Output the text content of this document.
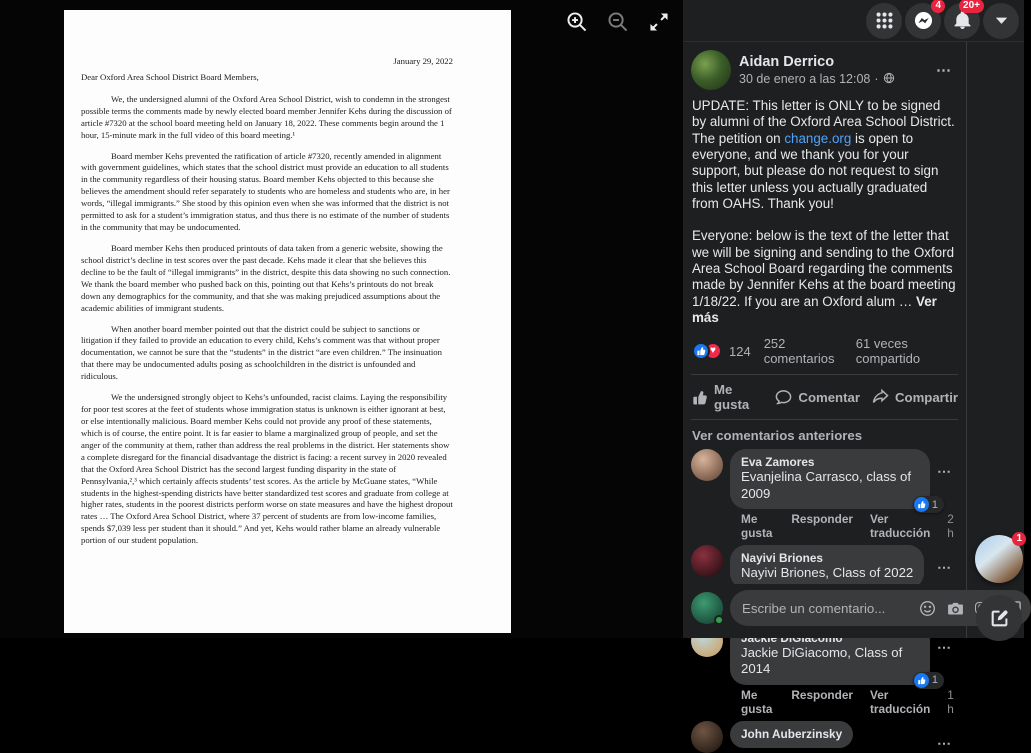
January 29, 2022
Dear Oxford Area School District Board Members,

We, the undersigned alumni of the Oxford Area School District, wish to condemn in the strongest possible terms the comments made by newly elected board member Jennifer Kehs during the discussion of article #7320 at the school board meeting held on January 18, 2022. These comments begin around the 1 hour, 15-minute mark in the full video of this board meeting.¹

Board member Kehs prevented the ratification of article #7320, recently amended in alignment with government guidelines, which states that the school district must provide an education to all students in the community regardless of their housing status. Board member Kehs objected to this because she believes the amendment should refer separately to students who are homeless and students who are, in her words, “illegal immigrants.” She stood by this opinion even when she was informed that the district is not permitted to ask for a student’s immigration status, and thus there is no estimate of the number of students in the community that may be undocumented.

Board member Kehs then produced printouts of data taken from a generic website, showing the school district’s decline in test scores over the past decade. Kehs made it clear that she believes this decline to be the fault of “illegal immigrants” in the district, despite this data showing no such connection. We thank the board member who pushed back on this, pointing out that Kehs’s printouts do not break down any demographics for the community, and that she was making prejudiced assumptions about the academic abilities of immigrant students.

When another board member pointed out that the district could be subject to sanctions or litigation if they failed to provide an education to every child, Kehs’s comment was that without proper documentation, we cannot be sure that the “students” in the district “are even children.” The insinuation that there may be undocumented adults posing as schoolchildren in the district is unfounded and ridiculous.

We the undersigned strongly object to Kehs’s unfounded, racist claims. Laying the responsibility for poor test scores at the feet of students whose immigration status is unknown is either ignorant at best, or else intentionally malicious. Board member Kehs could not provide any proof of these statements, which is of course, the entire point. It is far easier to blame a marginalized group of people, and set the anger of the community at them, rather than address the real problems in the district. Her statements show a complete disregard for the financial disadvantage the district is facing: a recent survey in 2020 revealed that the Oxford Area School District has the second largest funding disparity in the state of Pennsylvania,²,³ which certainly affects students’ test scores. As the article by McGuane states, “While students in the highest-spending districts have better standardized test scores and graduate from college at higher rates, students in the poorest districts perform worse on state measures and have the highest dropout rates … The Oxford Area School District, where 37 percent of students are from low-income families, spends $7,039 less per student than it should.” And yet, Kehs would rather blame an already vulnerable portion of our student population.

4	20+
Aidan Derrico
30 de enero a las 12:08 ·	⋯

UPDATE: This letter is ONLY to be signed by alumni of the Oxford Area School District. The petition on change.org is open to everyone, and we thank you for your support, but please do not request to sign this letter unless you actually graduated from OAHS. Thank you!

Everyone: below is the text of the letter that we will be signing and sending to the Oxford Area School Board regarding the comments made by Jennifer Kehs at the board meeting 1/18/22. If you are an Oxford alum … Ver más

♥	124 252 comentarios
61 veces compartido
Me gusta	Comentar	Compartir
Ver comentarios anteriores
Eva Zamores
Evanjelina Carrasco, class of 2009
1
Me gusta
Responder Ver traducción
2 h
⋯
Nayivi Briones
Nayivi Briones, Class of 2022 ⋯
Jackie DiGiacomo, Class of 2014
1
Me gusta
Responder Ver traducción
1 h
⋯
John Auberzinsky
⋯
Escribe un comentario...
1
